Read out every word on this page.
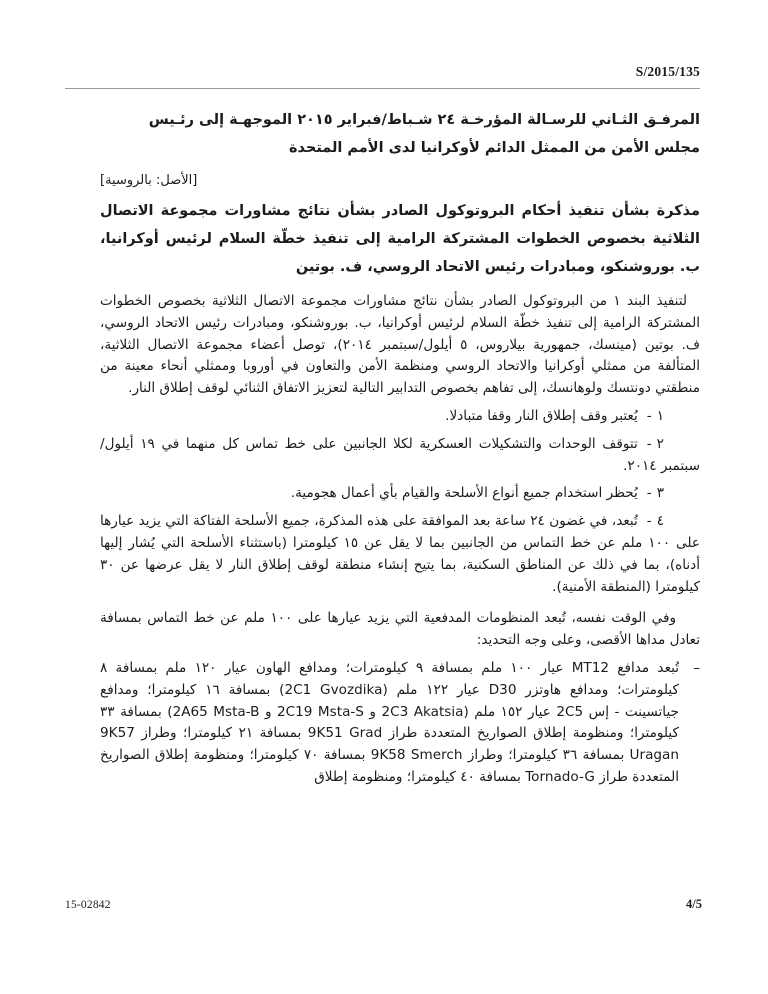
S/2015/135
المرفـق الثـاني للرسـالة المؤرخـة ٢٤ شـباط/فبراير ٢٠١٥ الموجهـة إلى رئـيس مجلس الأمن من الممثل الدائم لأوكرانيا لدى الأمم المتحدة
[الأصل: بالروسية]
مذكرة بشأن تنفيذ أحكام البروتوكول الصادر بشأن نتائج مشاورات مجموعة الاتصال الثلاثية بخصوص الخطوات المشتركة الرامية إلى تنفيذ خطّة السلام لرئيس أوكرانيا، ب. بوروشنكو، ومبادرات رئيس الاتحاد الروسي، ف. بوتين
لتنفيذ البند ١ من البروتوكول الصادر بشأن نتائج مشاورات مجموعة الاتصال الثلاثية بخصوص الخطوات المشتركة الرامية إلى تنفيذ خطّة السلام لرئيس أوكرانيا، ب. بوروشنكو، ومبادرات رئيس الاتحاد الروسي، ف. بوتين (مينسك، جمهورية بيلاروس، ٥ أيلول/سبتمبر ٢٠١٤)، توصل أعضاء مجموعة الاتصال الثلاثية، المتألفة من ممثلي أوكرانيا والاتحاد الروسي ومنظمة الأمن والتعاون في أوروبا وممثلي أنحاء معينة من منطقتي دونتسك ولوهانسك، إلى تفاهم بخصوص التدابير التالية لتعزيز الاتفاق الثنائي لوقف إطلاق النار.
١-يُعتبر وقف إطلاق النار وقفا متبادلا.
٢-تتوقف الوحدات والتشكيلات العسكرية لكلا الجانبين على خط تماس كل منهما في ١٩ أيلول/سبتمبر ٢٠١٤.
٣-يُحظر استخدام جميع أنواع الأسلحة والقيام بأي أعمال هجومية.
٤-تُبعد، في غضون ٢٤ ساعة بعد الموافقة على هذه المذكرة، جميع الأسلحة الفتاكة التي يزيد عيارها على ١٠٠ ملم عن خط التماس من الجانبين بما لا يقل عن ١٥ كيلومترا (باستثناء الأسلحة التي يُشار إليها أدناه)، بما في ذلك عن المناطق السكنية، بما يتيح إنشاء منطقة لوقف إطلاق النار لا يقل عرضها عن ٣٠ كيلومترا (المنطقة الأمنية).
وفي الوقت نفسه، تُبعد المنظومات المدفعية التي يزيد عيارها على ١٠٠ ملم عن خط التماس بمسافة تعادل مداها الأقصى، وعلى وجه التحديد:
–
تُبعد مدافع MT12 عيار ١٠٠ ملم بمسافة ٩ كيلومترات؛ ومدافع الهاون عيار ١٢٠ ملم بمسافة ٨ كيلومترات؛ ومدافع هاوتزر D30 عيار ١٢٢ ملم (2C1 Gvozdika) بمسافة ١٦ كيلومترا؛ ومدافع جياتسينت - إس 2C5 عيار ١٥٢ ملم (2C3 Akatsia و 2C19 Msta-S و 2A65 Msta-B) بمسافة ٣٣ كيلومترا؛ ومنظومة إطلاق الصواريخ المتعددة طراز 9K51 Grad بمسافة ٢١ كيلومترا؛ وطراز 9K57 Uragan بمسافة ٣٦ كيلومترا؛ وطراز 9K58 Smerch بمسافة ٧٠ كيلومترا؛ ومنظومة إطلاق الصواريخ المتعددة طراز Tornado-G بمسافة ٤٠ كيلومترا؛ ومنظومة إطلاق
15-02842	4/5
